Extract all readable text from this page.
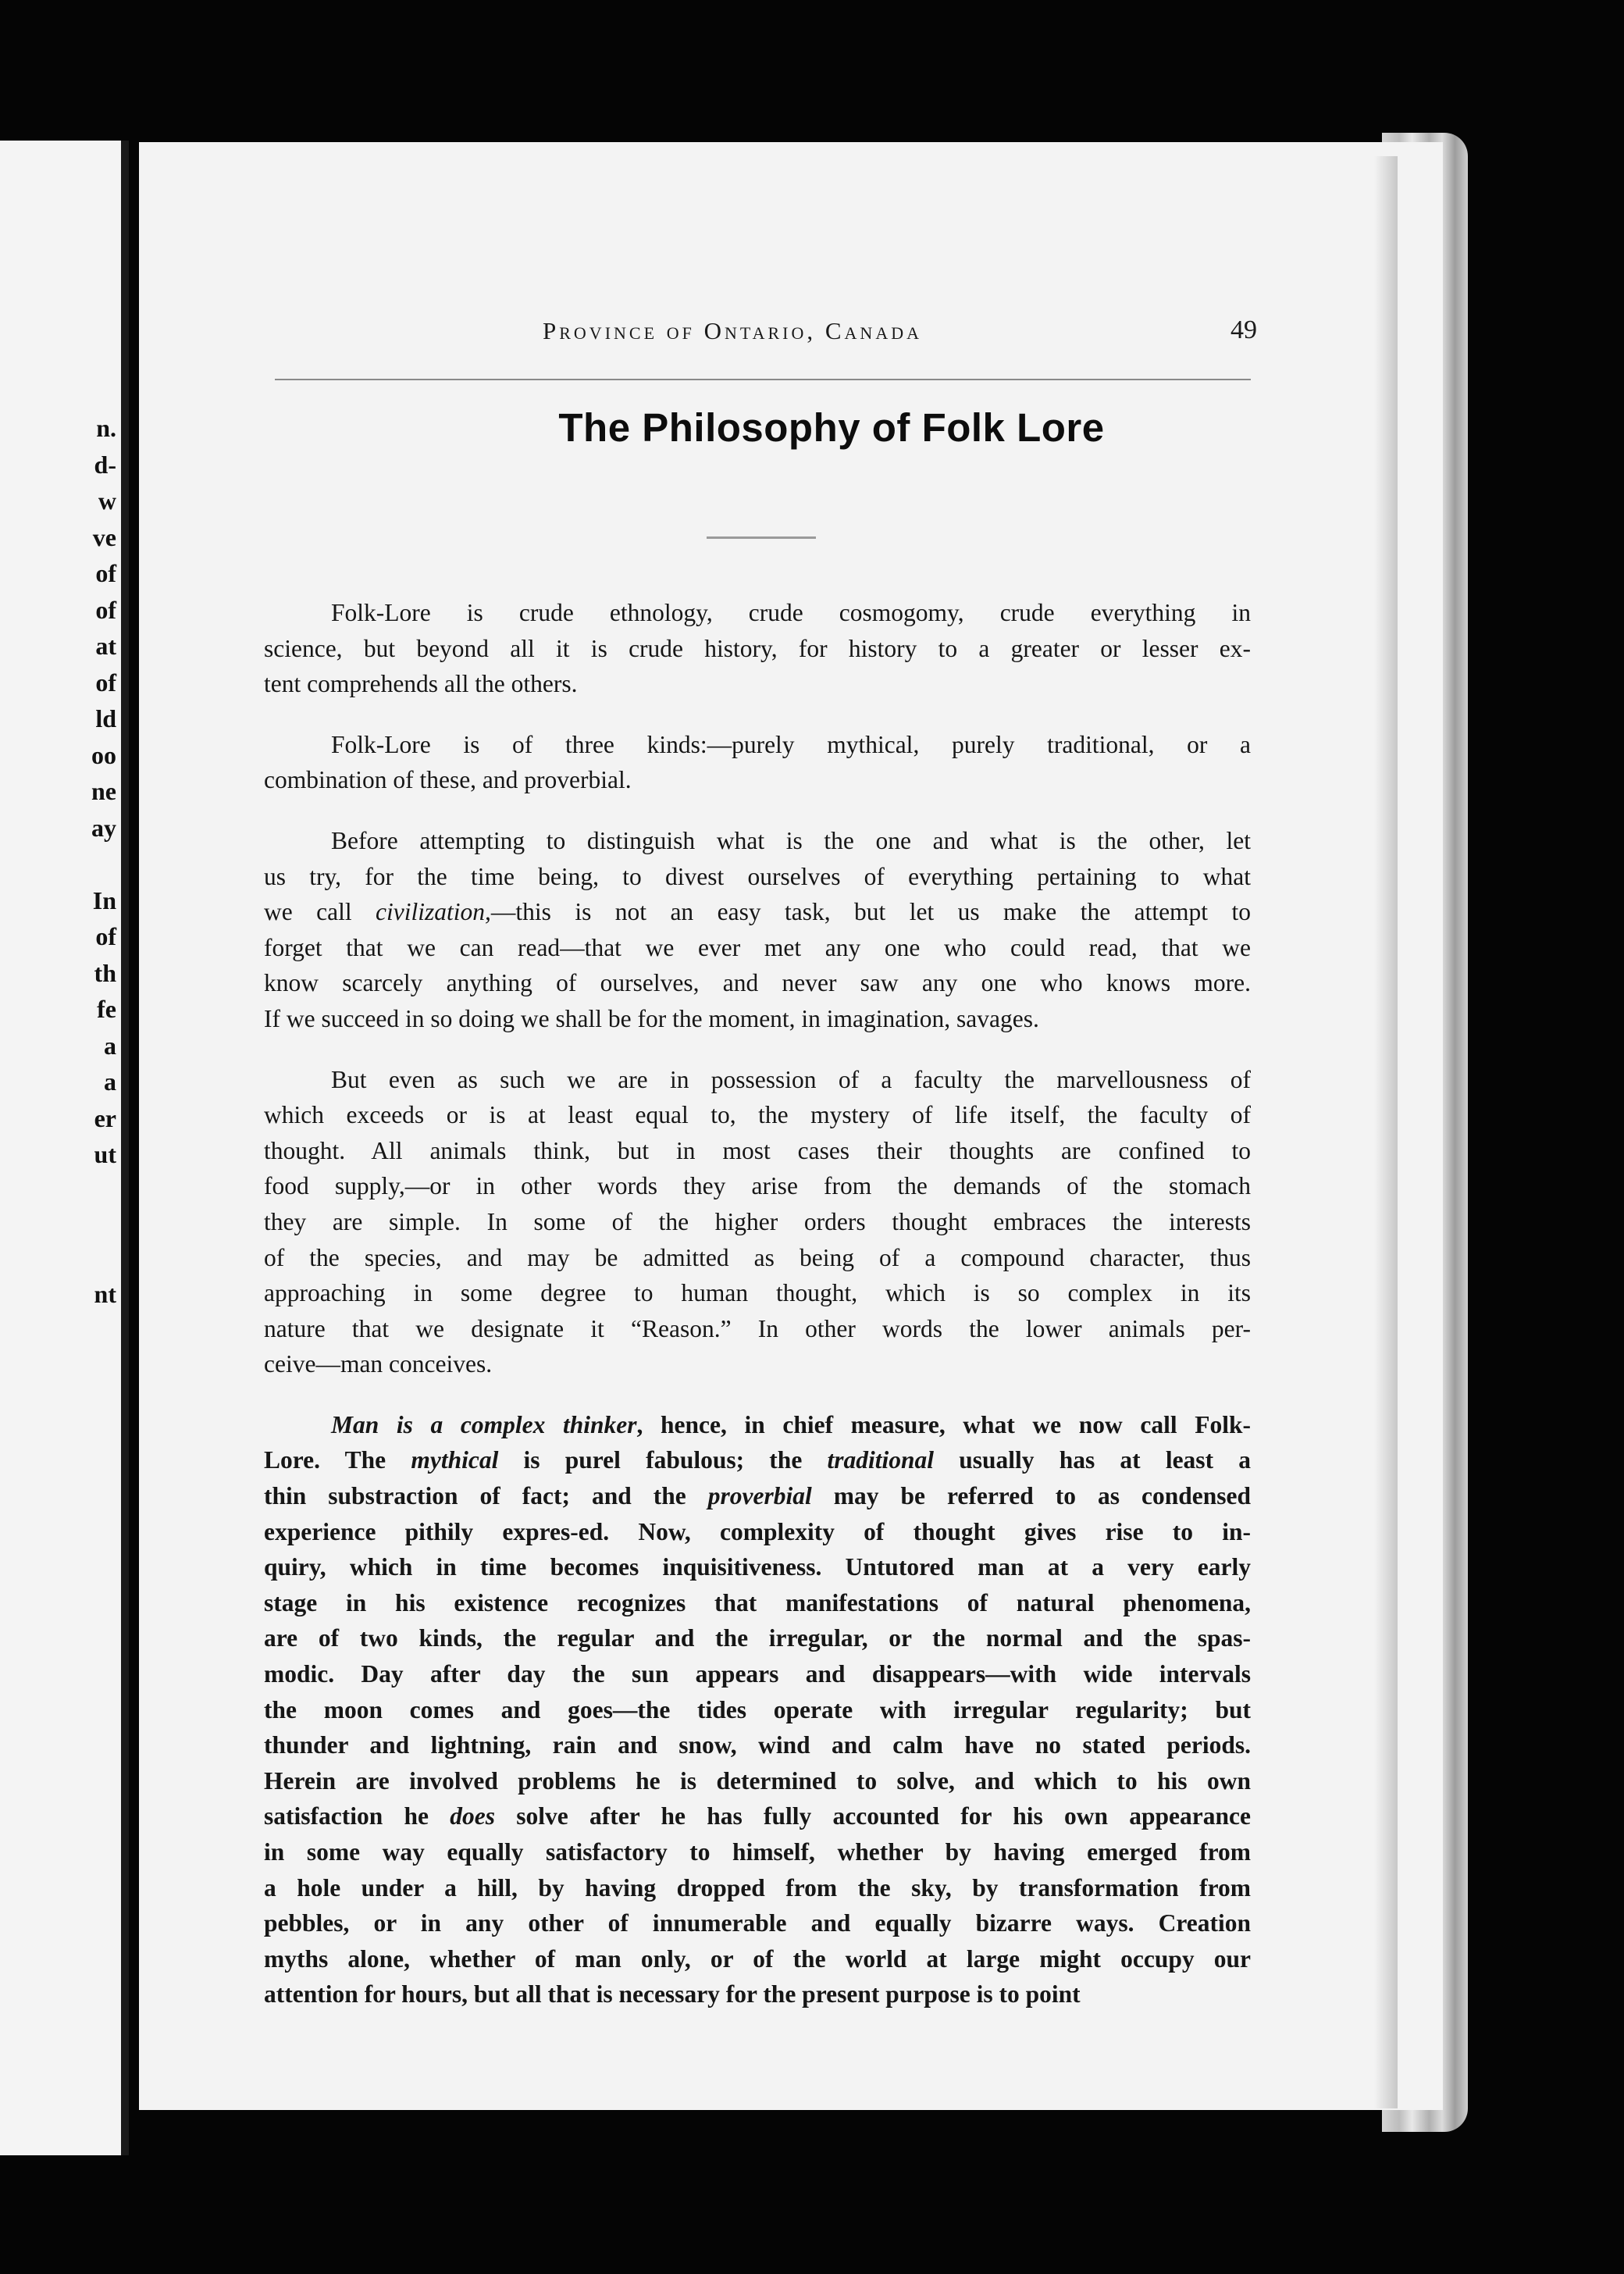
n.
d-
w
ve
of
of
at
of
ld
oo
ne
ay
In
of
th
fe
a
a
er
ut
nt
Province of Ontario, Canada	49
The Philosophy of Folk Lore
Folk-Lore is crude ethnology, crude cosmogomy, crude everything in
science, but beyond all it is crude history, for history to a greater or lesser ex-
tent comprehends all the others.
Folk-Lore is of three kinds:—purely mythical, purely traditional, or a
combination of these, and proverbial.
Before attempting to distinguish what is the one and what is the other, let
us try, for the time being, to divest ourselves of everything pertaining to what
we call civilization,—this is not an easy task, but let us make the attempt to
forget that we can read—that we ever met any one who could read, that we
know scarcely anything of ourselves, and never saw any one who knows more.
If we succeed in so doing we shall be for the moment, in imagination, savages.
But even as such we are in possession of a faculty the marvellousness of
which exceeds or is at least equal to, the mystery of life itself, the faculty of
thought. All animals think, but in most cases their thoughts are confined to
food supply,—or in other words they arise from the demands of the stomach
they are simple. In some of the higher orders thought embraces the interests
of the species, and may be admitted as being of a compound character, thus
approaching in some degree to human thought, which is so complex in its
nature that we designate it “Reason.” In other words the lower animals per-
ceive—man conceives.
Man is a complex thinker, hence, in chief measure, what we now call Folk-
Lore. The mythical is purel fabulous; the traditional usually has at least a
thin substraction of fact; and the proverbial may be referred to as condensed
experience pithily expres-ed. Now, complexity of thought gives rise to in-
quiry, which in time becomes inquisitiveness. Untutored man at a very early
stage in his existence recognizes that manifestations of natural phenomena,
are of two kinds, the regular and the irregular, or the normal and the spas-
modic. Day after day the sun appears and disappears—with wide intervals
the moon comes and goes—the tides operate with irregular regularity; but
thunder and lightning, rain and snow, wind and calm have no stated periods.
Herein are involved problems he is determined to solve, and which to his own
satisfaction he does solve after he has fully accounted for his own appearance
in some way equally satisfactory to himself, whether by having emerged from
a hole under a hill, by having dropped from the sky, by transformation from
pebbles, or in any other of innumerable and equally bizarre ways. Creation
myths alone, whether of man only, or of the world at large might occupy our
attention for hours, but all that is necessary for the present purpose is to point
